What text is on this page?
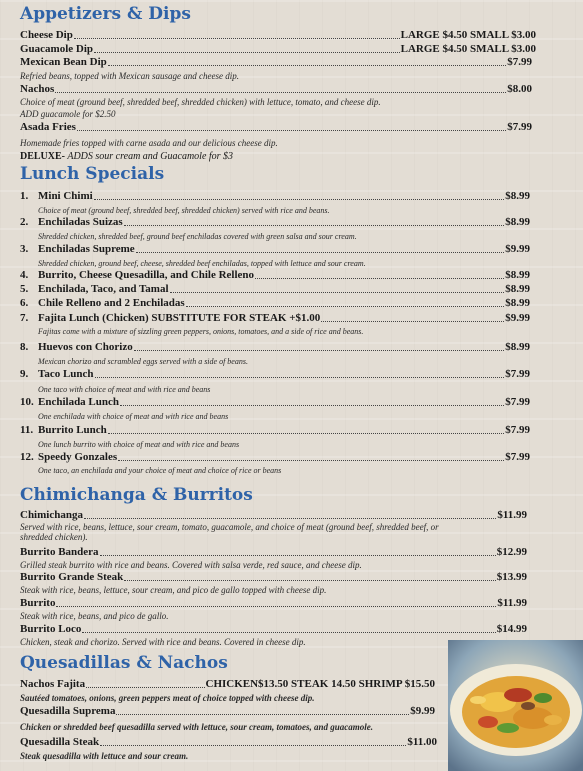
Appetizers & Dips
Cheese Dip	LARGE $4.50 SMALL $3.00
Guacamole Dip	LARGE $4.50 SMALL $3.00
Mexican Bean Dip	$7.99
Refried beans, topped with Mexican sausage and cheese dip.
Nachos	$8.00
Choice of meat (ground beef, shredded beef, shredded chicken) with lettuce, tomato, and cheese dip.
ADD guacamole for $2.50
Asada Fries	$7.99
Homemade fries topped with carne asada and our delicious cheese dip.
DELUXE- ADDS sour cream and Guacamole for $3
Lunch Specials
1. Mini Chimi	$8.99
Choice of meat (ground beef, shredded beef, shredded chicken) served with rice and beans.
2. Enchiladas Suizas	$8.99
Shredded chicken, shredded beef, ground beef enchiladas covered with green salsa and sour cream.
3. Enchiladas Supreme	$9.99
Shredded chicken, ground beef, cheese, shredded beef enchiladas, topped with lettuce and sour cream.
4. Burrito, Cheese Quesadilla, and Chile Relleno	$8.99
5. Enchilada, Taco, and Tamal	$8.99
6. Chile Relleno and 2 Enchiladas	$8.99
7. Fajita Lunch (Chicken) SUBSTITUTE FOR STEAK +$1.00	$9.99
Fajitas come with a mixture of sizzling green peppers, onions, tomatoes, and a side of rice and beans.
8. Huevos con Chorizo	$8.99
Mexican chorizo and scrambled eggs served with a side of beans.
9. Taco Lunch	$7.99
One taco with choice of meat and with rice and beans
10. Enchilada Lunch	$7.99
One enchilada with choice of meat and with rice and beans
11. Burrito Lunch	$7.99
One lunch burrito with choice of meat and with rice and beans
12. Speedy Gonzales	$7.99
One taco, an enchilada and your choice of meat and choice of rice or beans
Chimichanga & Burritos
Chimichanga	$11.99
Served with rice, beans, lettuce, sour cream, tomato, guacamole, and choice of meat (ground beef, shredded beef, or shredded chicken).
Burrito Bandera	$12.99
Grilled steak burrito with rice and beans. Covered with salsa verde, red sauce, and cheese dip.
Burrito Grande Steak	$13.99
Steak with rice, beans, lettuce, sour cream, and pico de gallo topped with cheese dip.
Burrito	$11.99
Steak with rice, beans, and pico de gallo.
Burrito Loco	$14.99
Chicken, steak and chorizo. Served with rice and beans. Covered in cheese dip.
Quesadillas & Nachos
Nachos Fajita	CHICKEN$13.50 STEAK 14.50 SHRIMP $15.50
Sautéed tomatoes, onions, green peppers meat of choice topped with cheese dip.
Quesadilla Suprema	$9.99
Chicken or shredded beef quesadilla served with lettuce, sour cream, tomatoes, and guacamole.
Quesadilla Steak	$11.00
Steak quesadilla with lettuce and sour cream.
